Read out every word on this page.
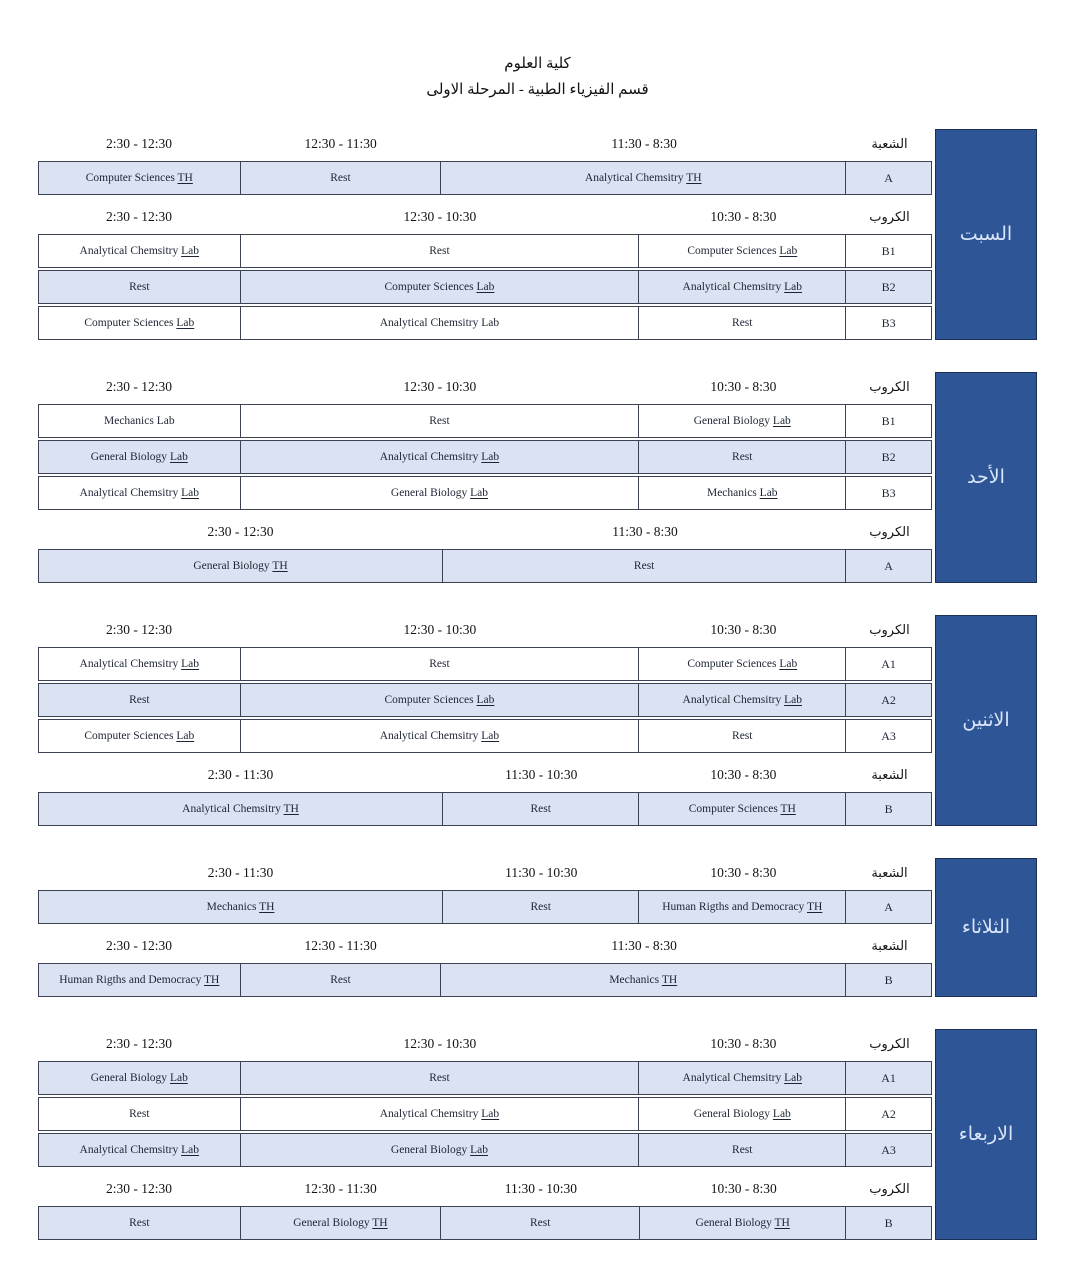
كلية العلوم
قسم الفيزياء الطبية - المرحلة الاولى
2:30 - 12:30	12:30 - 11:30	11:30 - 8:30	الشعبة
Computer Sciences TH	Rest	Analytical Chemsitry TH	A
2:30 - 12:30	12:30 - 10:30	10:30 - 8:30	الكروب
Analytical Chemsitry Lab	Rest	Computer Sciences Lab	B1
Rest	Computer Sciences Lab	Analytical Chemsitry Lab	B2
Computer Sciences Lab	Analytical Chemsitry Lab	Rest	B3
السبت
2:30 - 12:30	12:30 - 10:30	10:30 - 8:30	الكروب
Mechanics Lab	Rest	General Biology Lab	B1
General Biology Lab	Analytical Chemsitry Lab	Rest	B2
Analytical Chemsitry Lab	General Biology Lab	Mechanics Lab	B3
2:30 - 12:30	11:30 - 8:30	الكروب
General Biology TH	Rest	A
الأحد
2:30 - 12:30	12:30 - 10:30	10:30 - 8:30	الكروب
Analytical Chemsitry Lab	Rest	Computer Sciences Lab	A1
Rest	Computer Sciences Lab	Analytical Chemsitry Lab	A2
Computer Sciences Lab	Analytical Chemsitry Lab	Rest	A3
2:30 - 11:30	11:30 - 10:30	10:30 - 8:30	الشعبة
Analytical Chemsitry TH	Rest	Computer Sciences TH	B
الاثنين
2:30 - 11:30	11:30 - 10:30	10:30 - 8:30	الشعبة
Mechanics TH	Rest	Human Rigths and Democracy TH	A
2:30 - 12:30	12:30 - 11:30	11:30 - 8:30	الشعبة
Human Rigths and Democracy TH	Rest	Mechanics TH	B
الثلاثاء
2:30 - 12:30	12:30 - 10:30	10:30 - 8:30	الكروب
General Biology Lab	Rest	Analytical Chemsitry Lab	A1
Rest	Analytical Chemsitry Lab	General Biology Lab	A2
Analytical Chemsitry Lab	General Biology Lab	Rest	A3
2:30 - 12:30	12:30 - 11:30	11:30 - 10:30	10:30 - 8:30	الكروب
Rest	General Biology TH	Rest	General Biology TH	B
الاربعاء
